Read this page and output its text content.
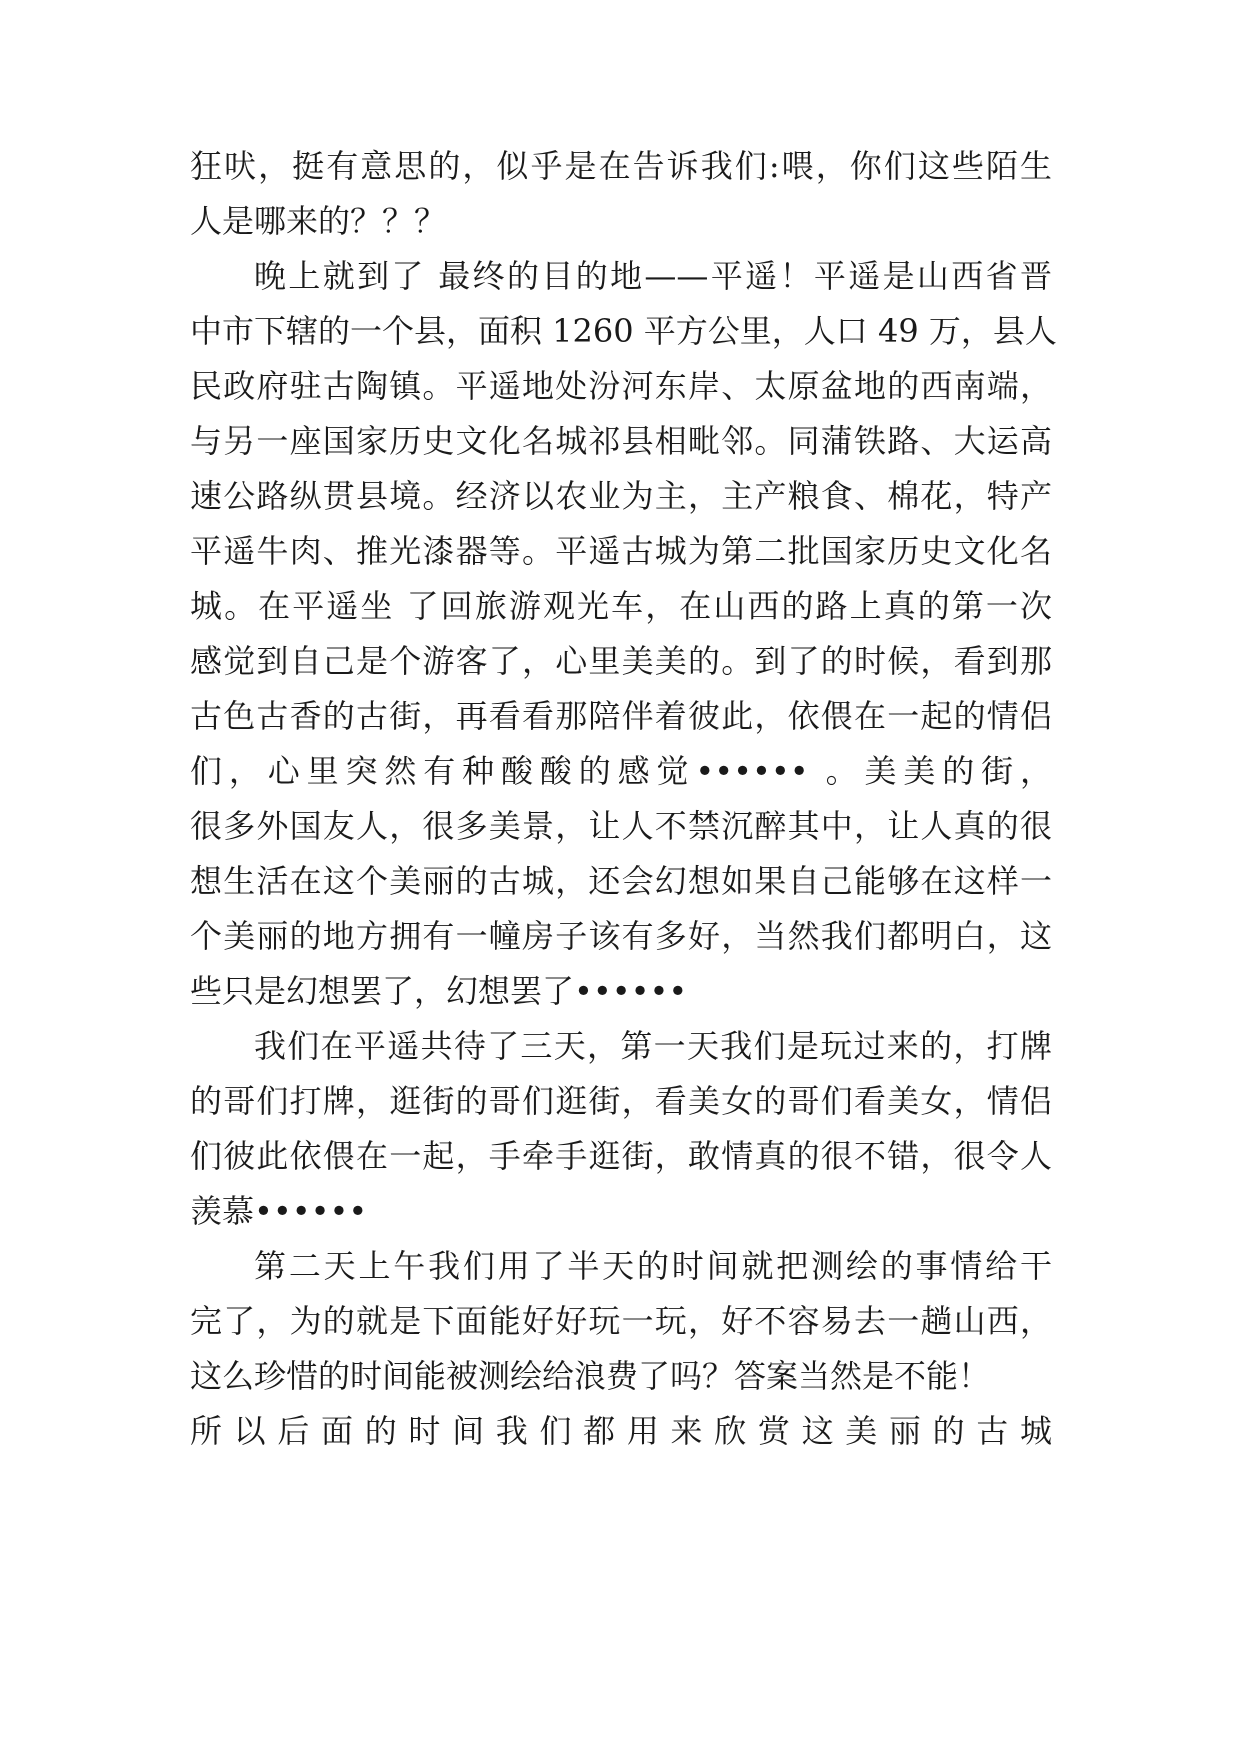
狂吠，挺有意思的，似乎是在告诉我们:喂，你们这些陌生
人是哪来的？？？
晚上就到了 最终的目的地——平遥！平遥是山西省晋
中市下辖的一个县，面积 1260 平方公里，人口 49 万，县人
民政府驻古陶镇。平遥地处汾河东岸、太原盆地的西南端，
与另一座国家历史文化名城祁县相毗邻。同蒲铁路、大运高
速公路纵贯县境。经济以农业为主，主产粮食、棉花，特产
平遥牛肉、推光漆器等。平遥古城为第二批国家历史文化名
城。在平遥坐 了回旅游观光车，在山西的路上真的第一次
感觉到自己是个游客了，心里美美的。到了的时候，看到那
古色古香的古街，再看看那陪伴着彼此，依偎在一起的情侣
们，心里突然有种酸酸的感觉•••••• 。美美的街，
很多外国友人，很多美景，让人不禁沉醉其中，让人真的很
想生活在这个美丽的古城，还会幻想如果自己能够在这样一
个美丽的地方拥有一幢房子该有多好，当然我们都明白，这
些只是幻想罢了，幻想罢了••••••
我们在平遥共待了三天，第一天我们是玩过来的，打牌
的哥们打牌，逛街的哥们逛街，看美女的哥们看美女，情侣
们彼此依偎在一起，手牵手逛街，敢情真的很不错，很令人
羡慕••••••
第二天上午我们用了半天的时间就把测绘的事情给干
完了，为的就是下面能好好玩一玩，好不容易去一趟山西，
这么珍惜的时间能被测绘给浪费了吗？答案当然是不能！
所以后面的时间我们都用来欣赏这美丽的古城
